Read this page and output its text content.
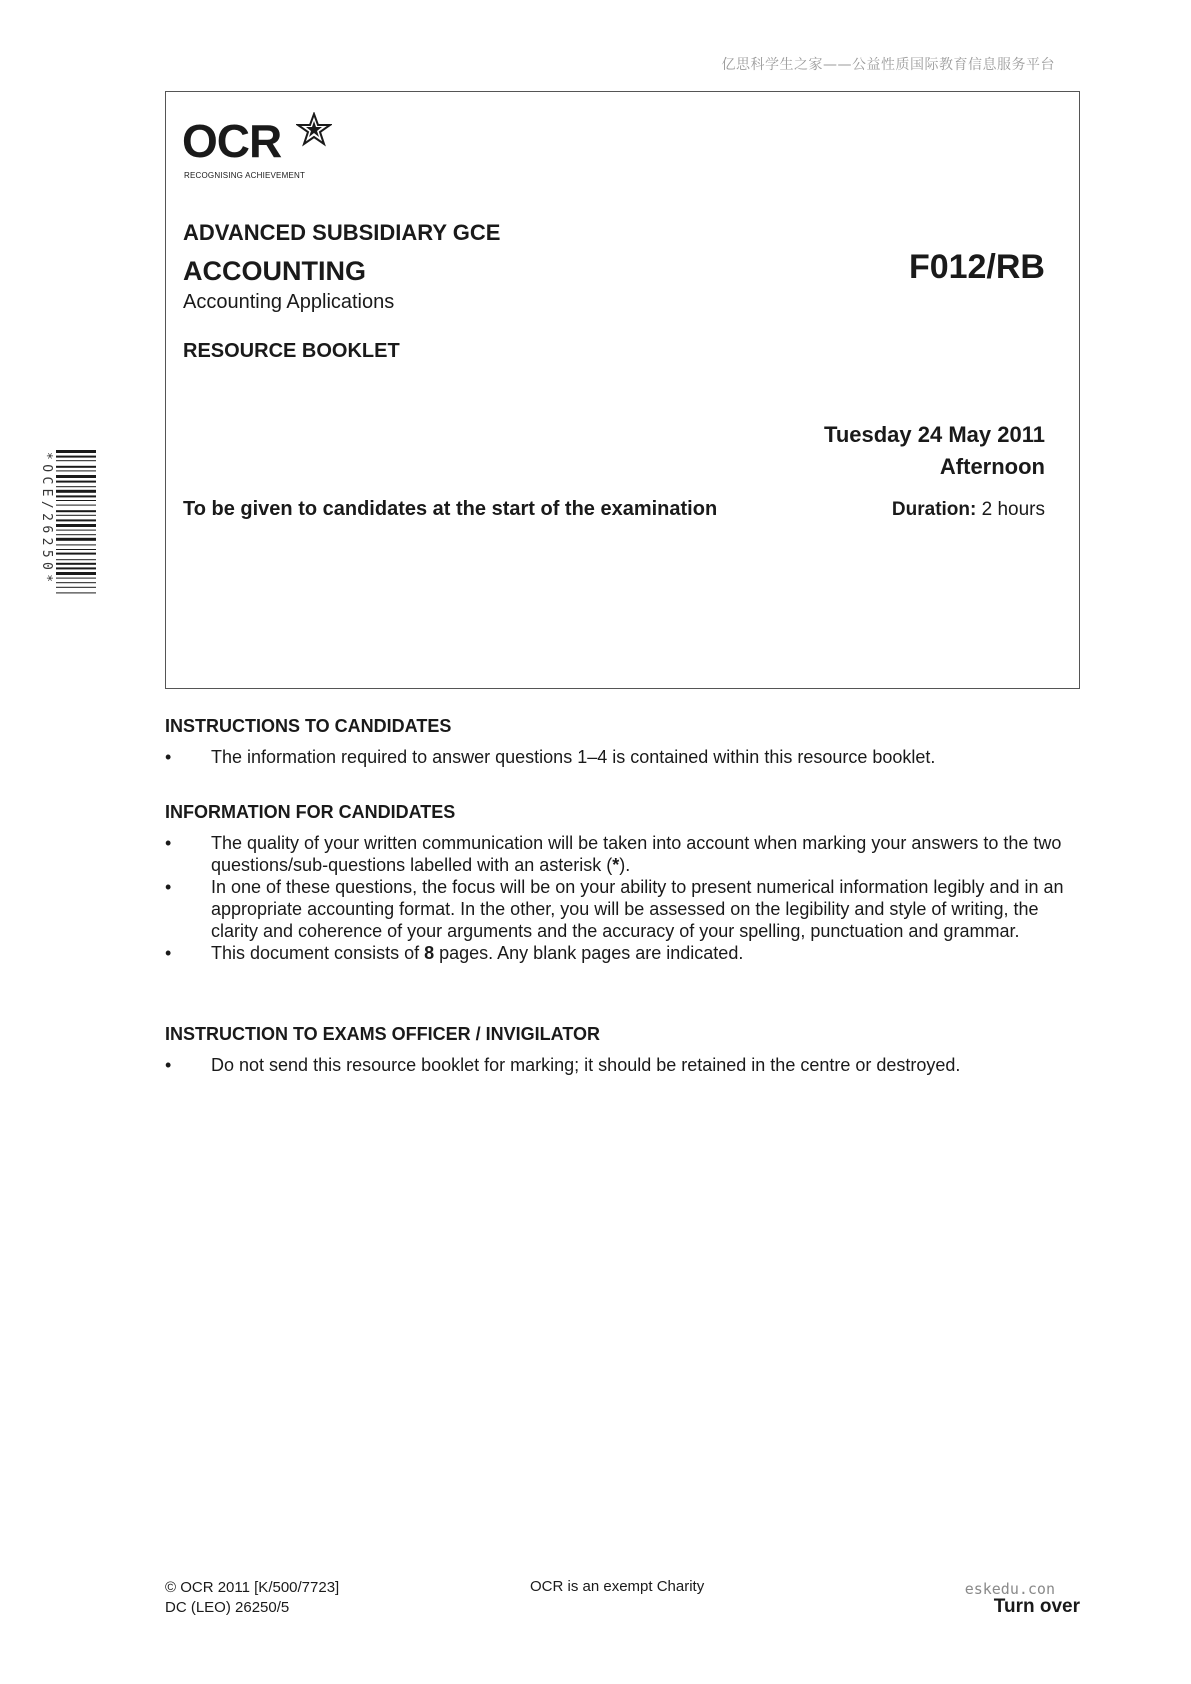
亿思科学生之家——公益性质国际教育信息服务平台
OCR
RECOGNISING ACHIEVEMENT
ADVANCED SUBSIDIARY GCE
ACCOUNTING
Accounting Applications
RESOURCE BOOKLET
F012/RB
Tuesday 24 May 2011
Afternoon
To be given to candidates at the start of the examination	Duration: 2 hours
*OCE/26250*
INSTRUCTIONS TO CANDIDATES
• The information required to answer questions 1–4 is contained within this resource booklet.
INFORMATION FOR CANDIDATES
• The quality of your written communication will be taken into account when marking your answers to the two questions/sub-questions labelled with an asterisk (*).
• In one of these questions, the focus will be on your ability to present numerical information legibly and in an appropriate accounting format. In the other, you will be assessed on the legibility and style of writing, the clarity and coherence of your arguments and the accuracy of your spelling, punctuation and grammar.
• This document consists of 8 pages. Any blank pages are indicated.
INSTRUCTION TO EXAMS OFFICER / INVIGILATOR
• Do not send this resource booklet for marking; it should be retained in the centre or destroyed.
© OCR 2011 [K/500/7723]
DC (LEO) 26250/5
OCR is an exempt Charity	eskedu.con
Turn over
